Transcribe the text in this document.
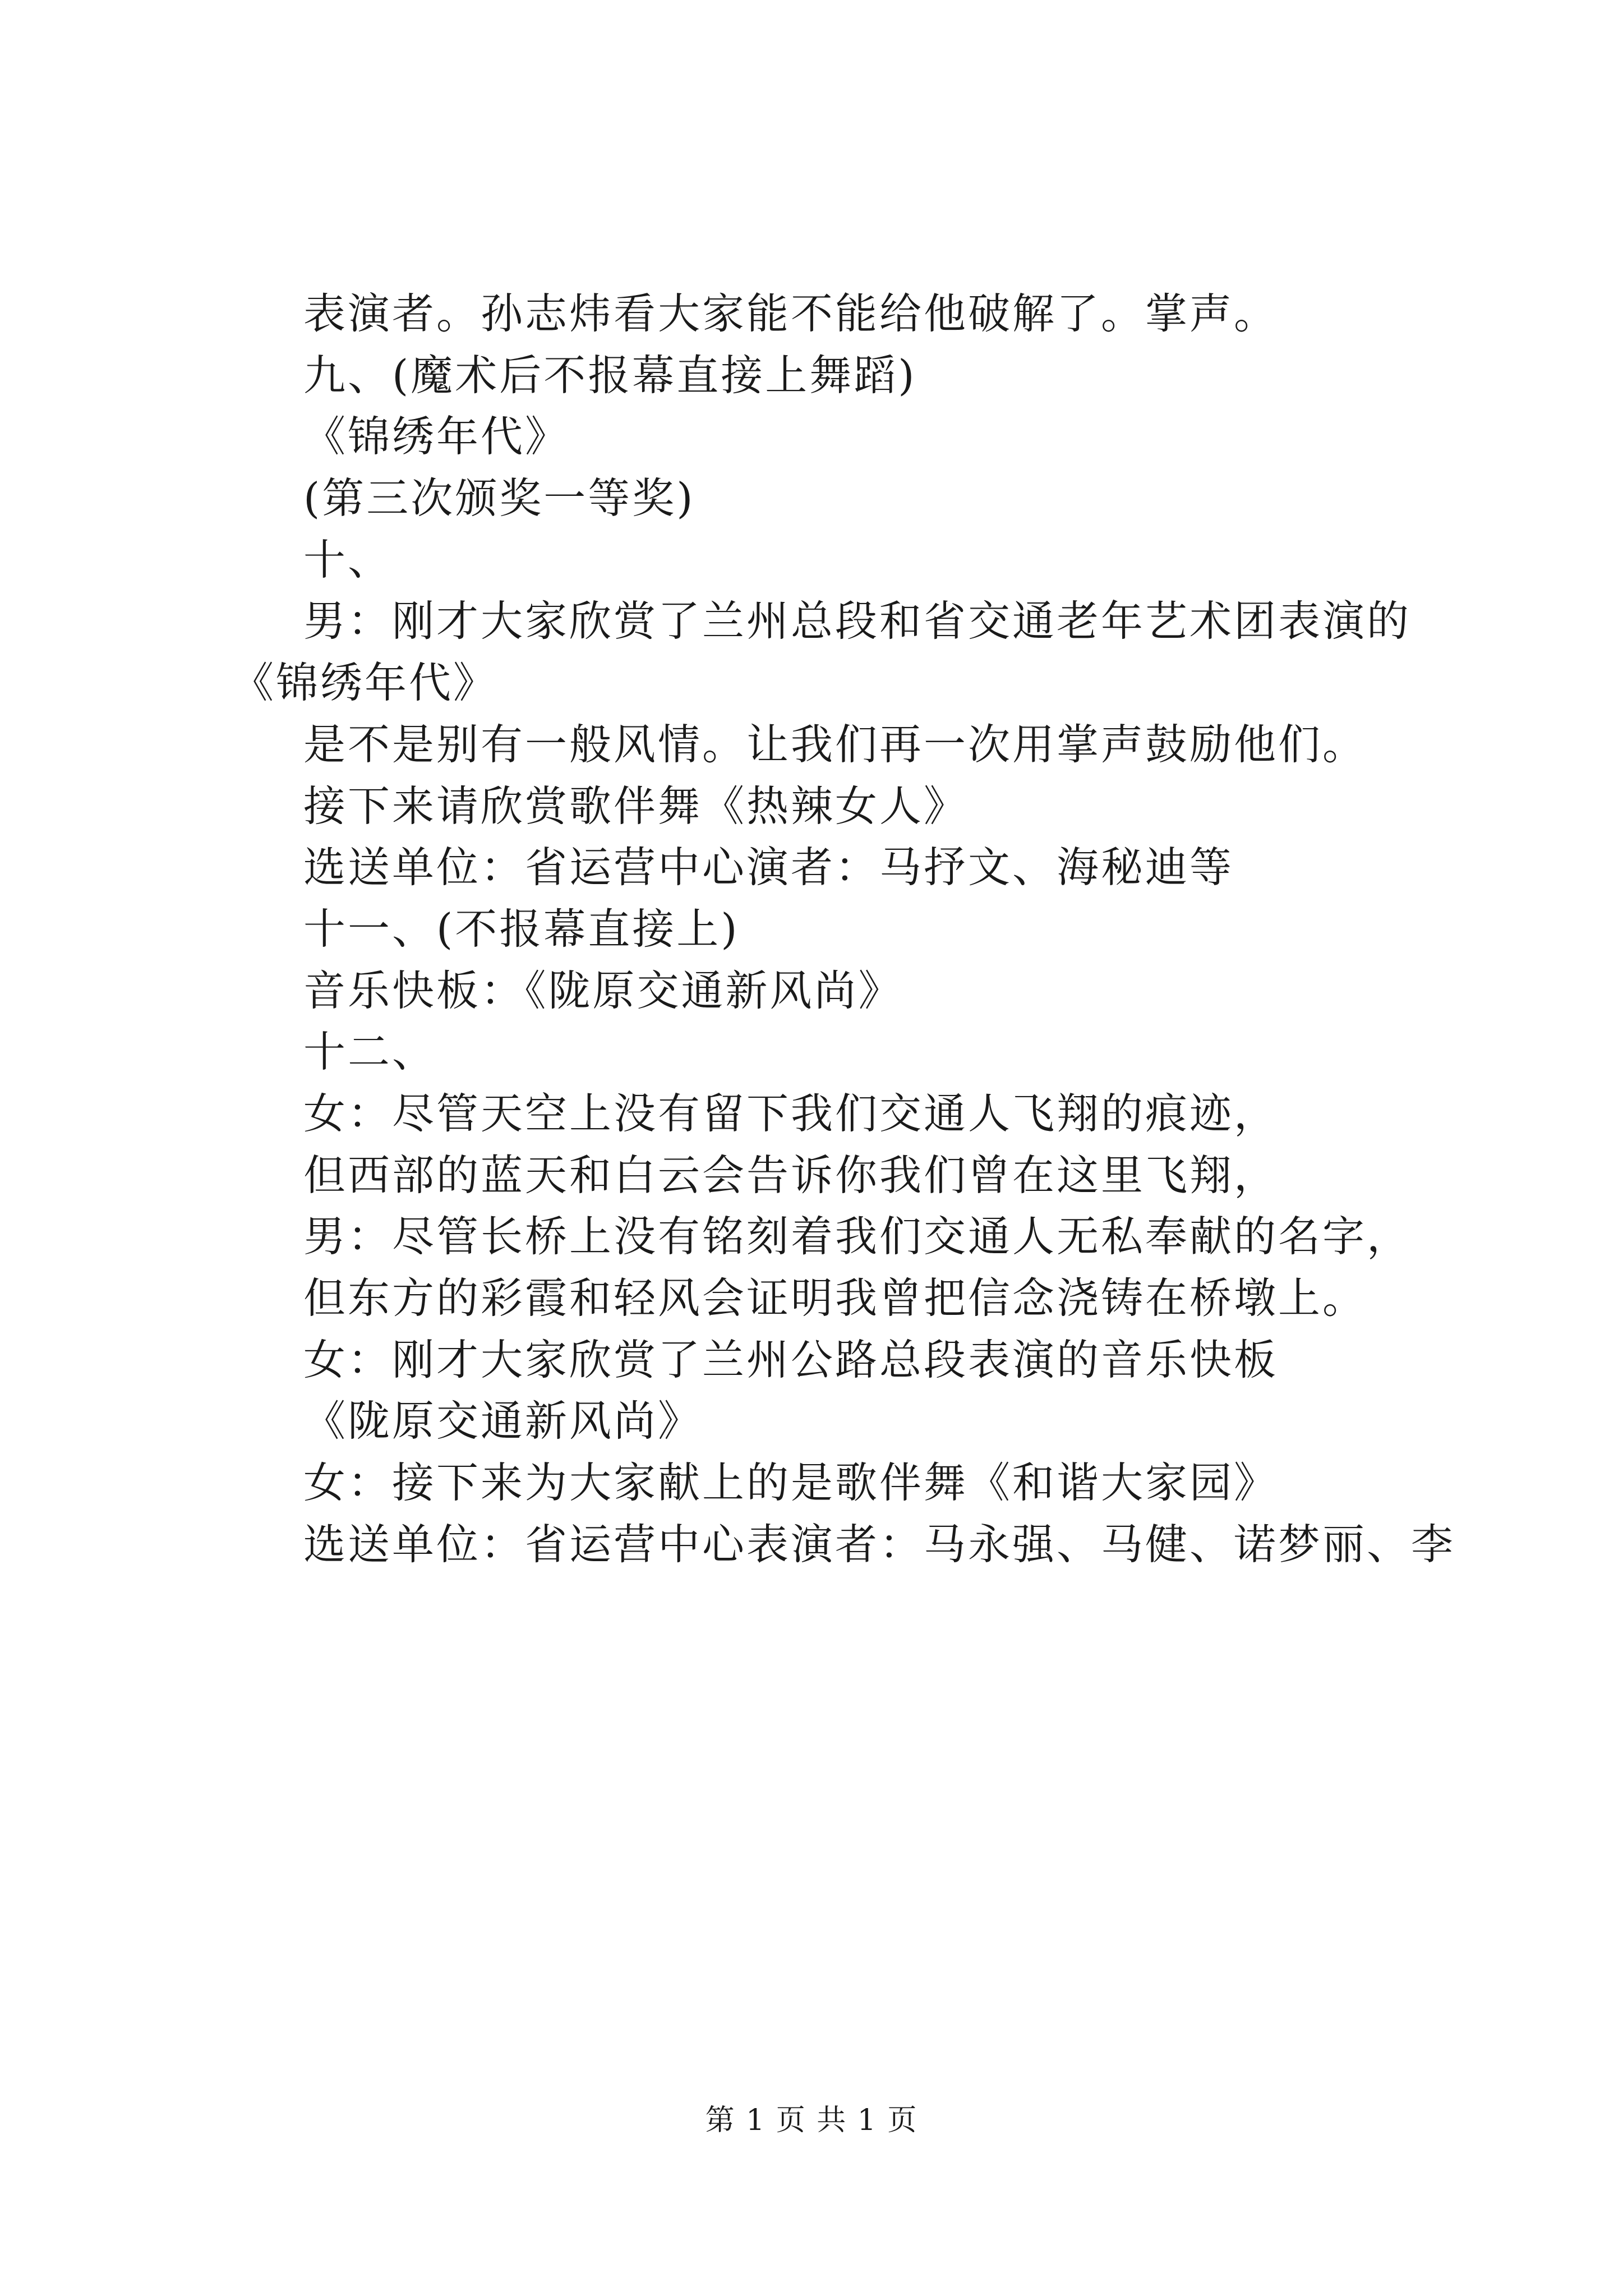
表演者。孙志炜看大家能不能给他破解了。掌声。
九、(魔术后不报幕直接上舞蹈)
《锦绣年代》
(第三次颁奖一等奖)
十、
男：刚才大家欣赏了兰州总段和省交通老年艺术团表演的
《锦绣年代》
是不是别有一般风情。让我们再一次用掌声鼓励他们。
接下来请欣赏歌伴舞《热辣女人》
选送单位：省运营中心演者：马抒文、海秘迪等
十一、(不报幕直接上)
音乐快板：《陇原交通新风尚》
十二、
女：尽管天空上没有留下我们交通人飞翔的痕迹，
但西部的蓝天和白云会告诉你我们曾在这里飞翔，
男：尽管长桥上没有铭刻着我们交通人无私奉献的名字，
但东方的彩霞和轻风会证明我曾把信念浇铸在桥墩上。
女：刚才大家欣赏了兰州公路总段表演的音乐快板
《陇原交通新风尚》
女：接下来为大家献上的是歌伴舞《和谐大家园》
选送单位：省运营中心表演者：马永强、马健、诺梦丽、李
第 1 页 共 1 页
